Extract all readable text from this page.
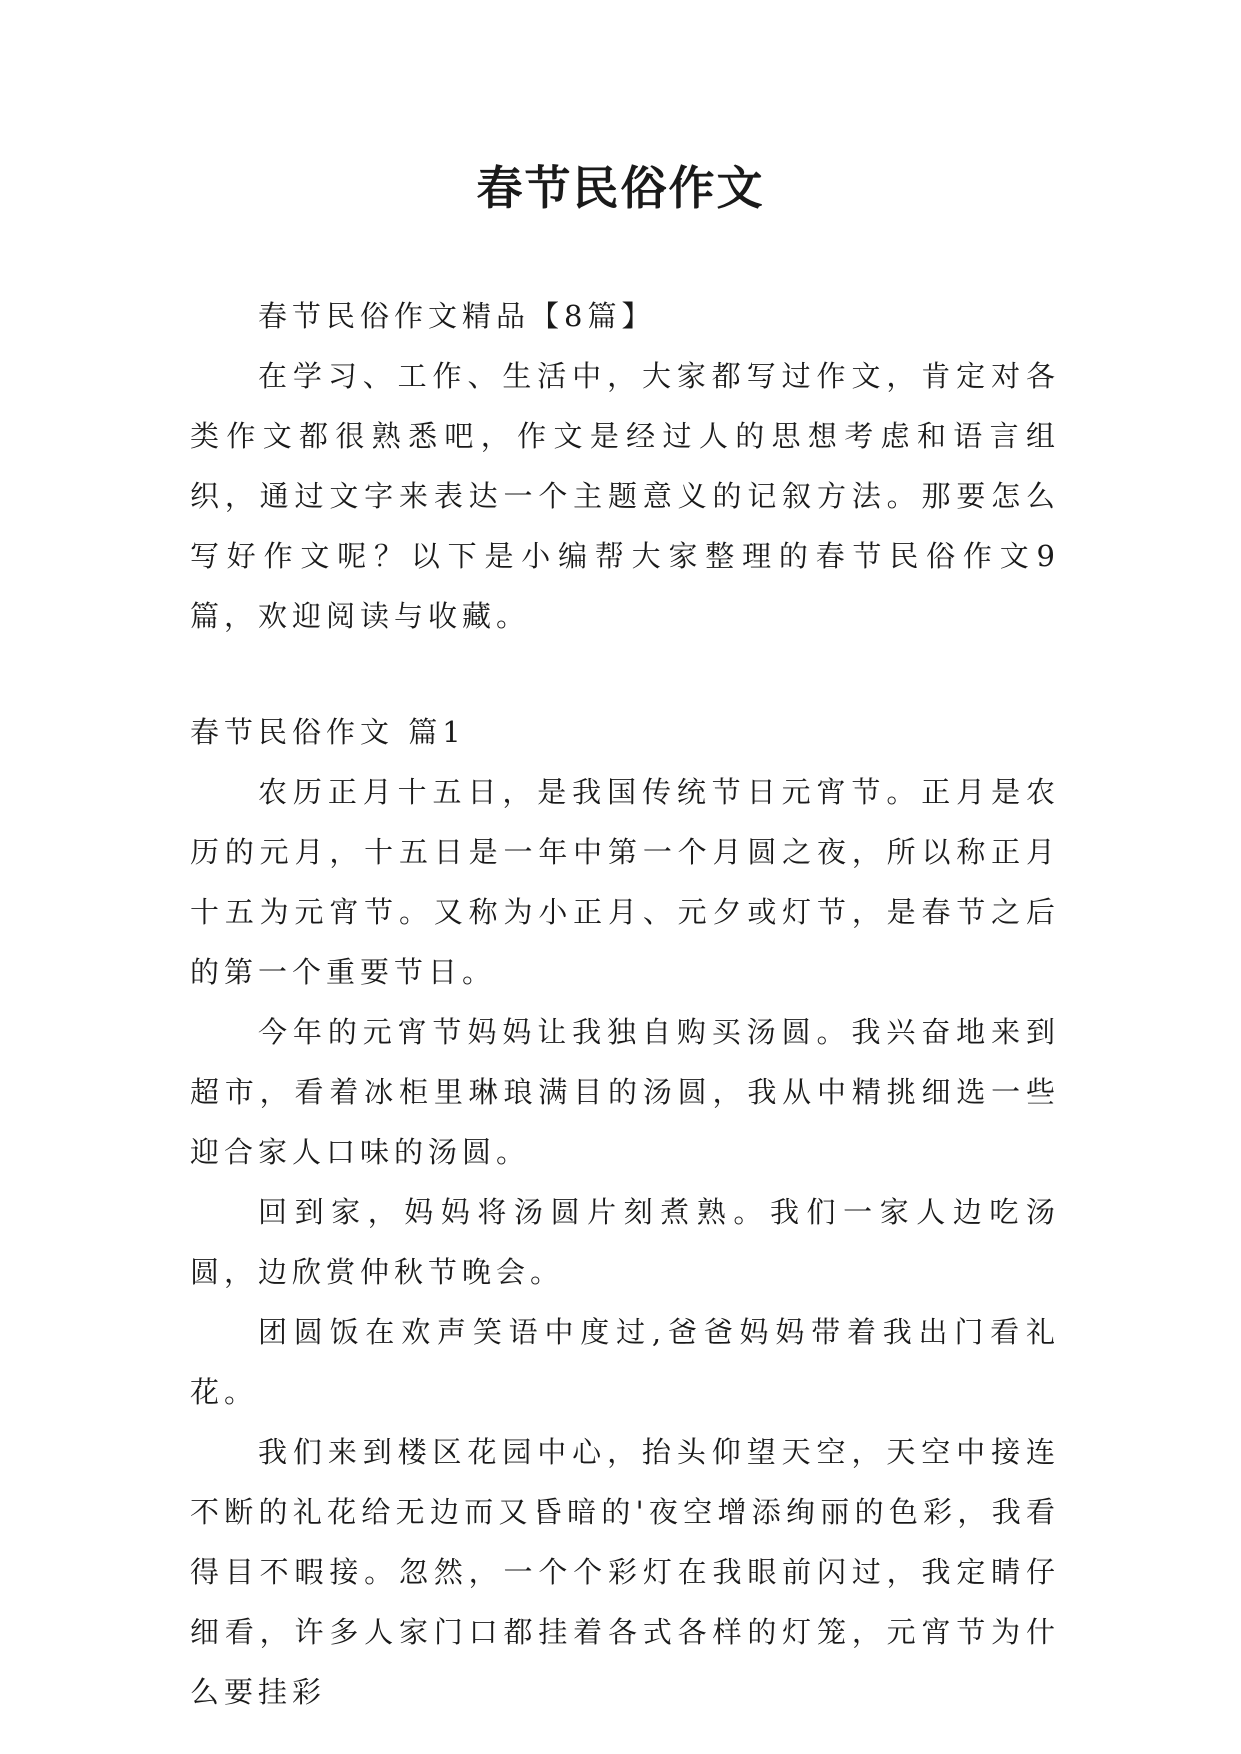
春节民俗作文

春节民俗作文精品【8篇】

在学习、工作、生活中，大家都写过作文，肯定对各类作文都很熟悉吧，作文是经过人的思想考虑和语言组织，通过文字来表达一个主题意义的记叙方法。那要怎么写好作文呢？以下是小编帮大家整理的春节民俗作文9篇，欢迎阅读与收藏。

春节民俗作文 篇1

农历正月十五日，是我国传统节日元宵节。正月是农历的元月，十五日是一年中第一个月圆之夜，所以称正月十五为元宵节。又称为小正月、元夕或灯节，是春节之后的第一个重要节日。

今年的元宵节妈妈让我独自购买汤圆。我兴奋地来到超市，看着冰柜里琳琅满目的汤圆，我从中精挑细选一些迎合家人口味的汤圆。

回到家，妈妈将汤圆片刻煮熟。我们一家人边吃汤圆，边欣赏仲秋节晚会。

团圆饭在欢声笑语中度过,爸爸妈妈带着我出门看礼花。

我们来到楼区花园中心，抬头仰望天空，天空中接连不断的礼花给无边而又昏暗的'夜空增添绚丽的色彩，我看得目不暇接。忽然，一个个彩灯在我眼前闪过，我定睛仔细看，许多人家门口都挂着各式各样的灯笼，元宵节为什么要挂彩
